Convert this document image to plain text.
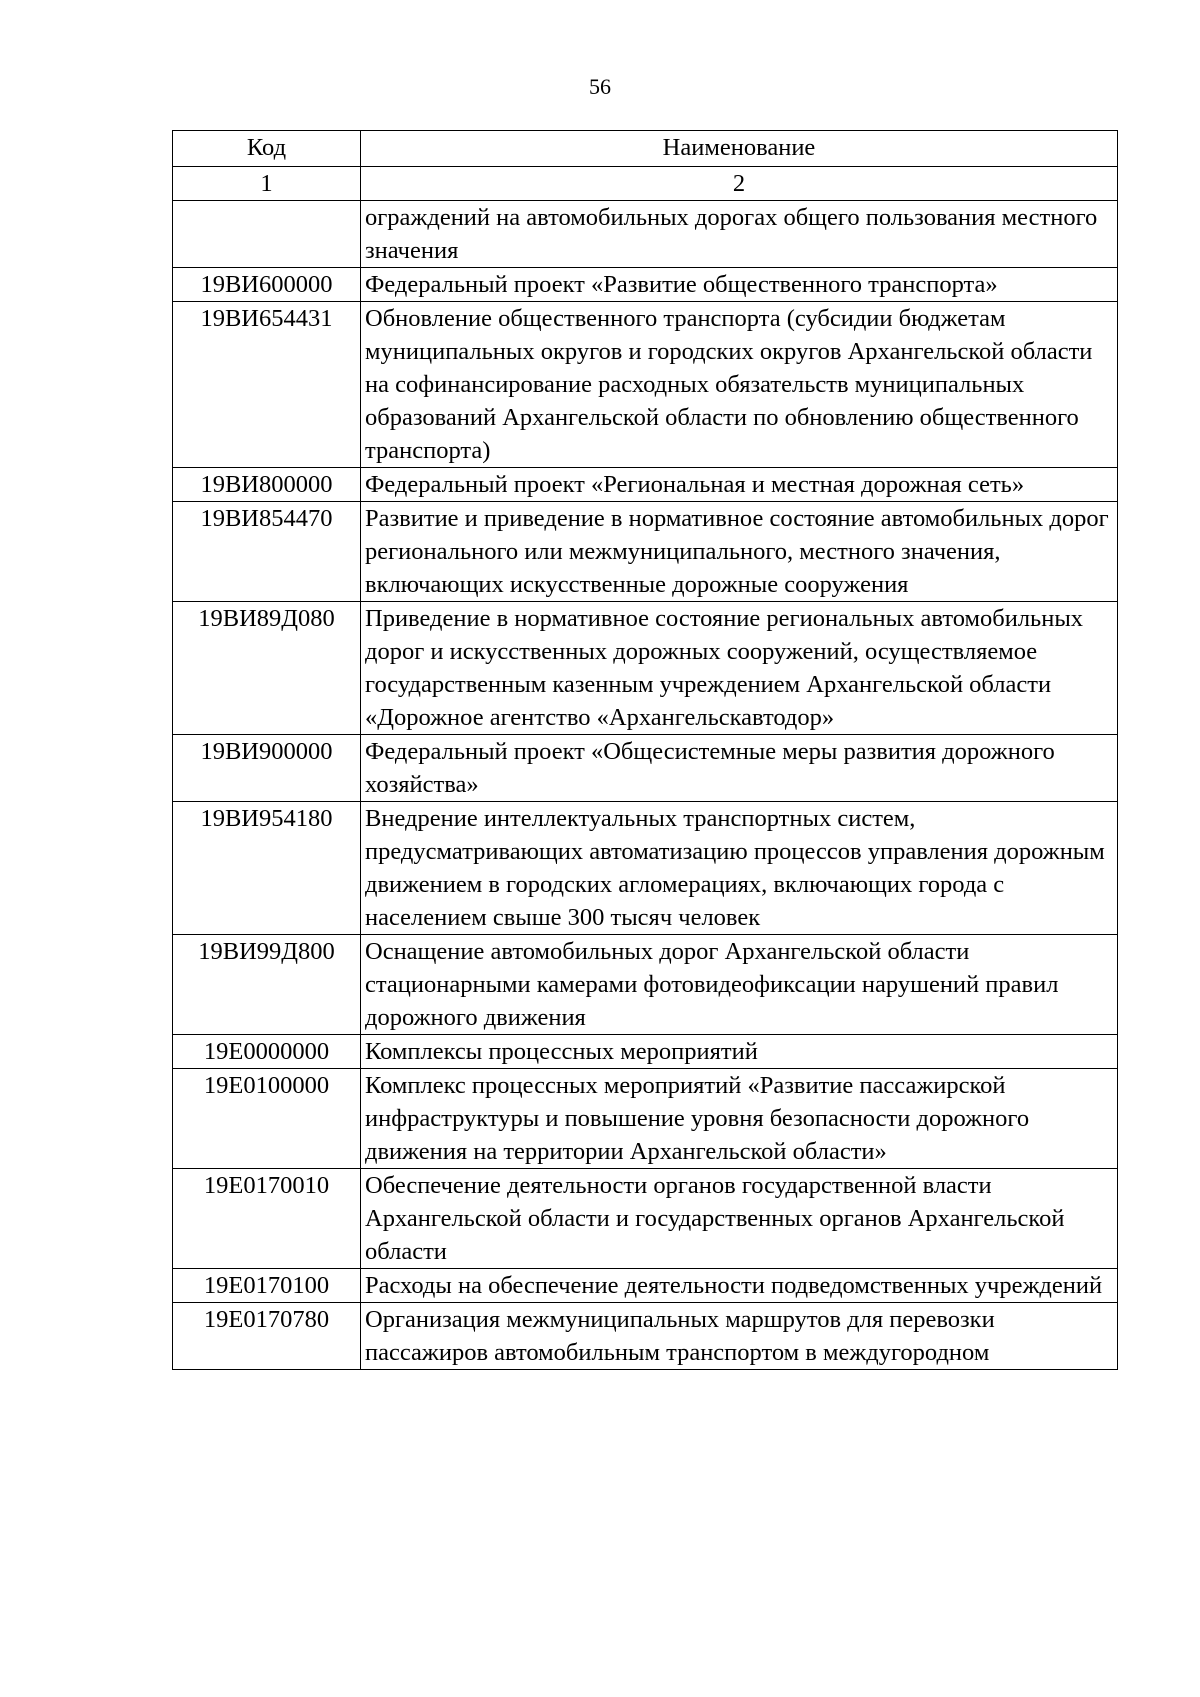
56
Код	Наименование
1	2
	ограждений на автомобильных дорогах общего пользования местного значения
19ВИ600000	Федеральный проект «Развитие общественного транспорта»
19ВИ654431	Обновление общественного транспорта (субсидии бюджетам муниципальных округов и городских округов Архангельской области на софинансирование расходных обязательств муниципальных образований Архангельской области по обновлению общественного транспорта)
19ВИ800000	Федеральный проект «Региональная и местная дорожная сеть»
19ВИ854470	Развитие и приведение в нормативное состояние автомобильных дорог регионального или межмуниципального, местного значения, включающих искусственные дорожные сооружения
19ВИ89Д080	Приведение в нормативное состояние региональных автомобильных дорог и искусственных дорожных сооружений, осуществляемое государственным казенным учреждением Архангельской области «Дорожное агентство «Архангельскавтодор»
19ВИ900000	Федеральный проект «Общесистемные меры развития дорожного хозяйства»
19ВИ954180	Внедрение интеллектуальных транспортных систем, предусматривающих автоматизацию процессов управления дорожным движением в городских агломерациях, включающих города с населением свыше 300 тысяч человек
19ВИ99Д800	Оснащение автомобильных дорог Архангельской области стационарными камерами фотовидеофиксации нарушений правил дорожного движения
19Е0000000	Комплексы процессных мероприятий
19Е0100000	Комплекс процессных мероприятий «Развитие пассажирской инфраструктуры и повышение уровня безопасности дорожного движения на территории Архангельской области»
19Е0170010	Обеспечение деятельности органов государственной власти Архангельской области и государственных органов Архангельской области
19Е0170100	Расходы на обеспечение деятельности подведомственных учреждений
19Е0170780	Организация межмуниципальных маршрутов для перевозки пассажиров автомобильным транспортом в междугородном
